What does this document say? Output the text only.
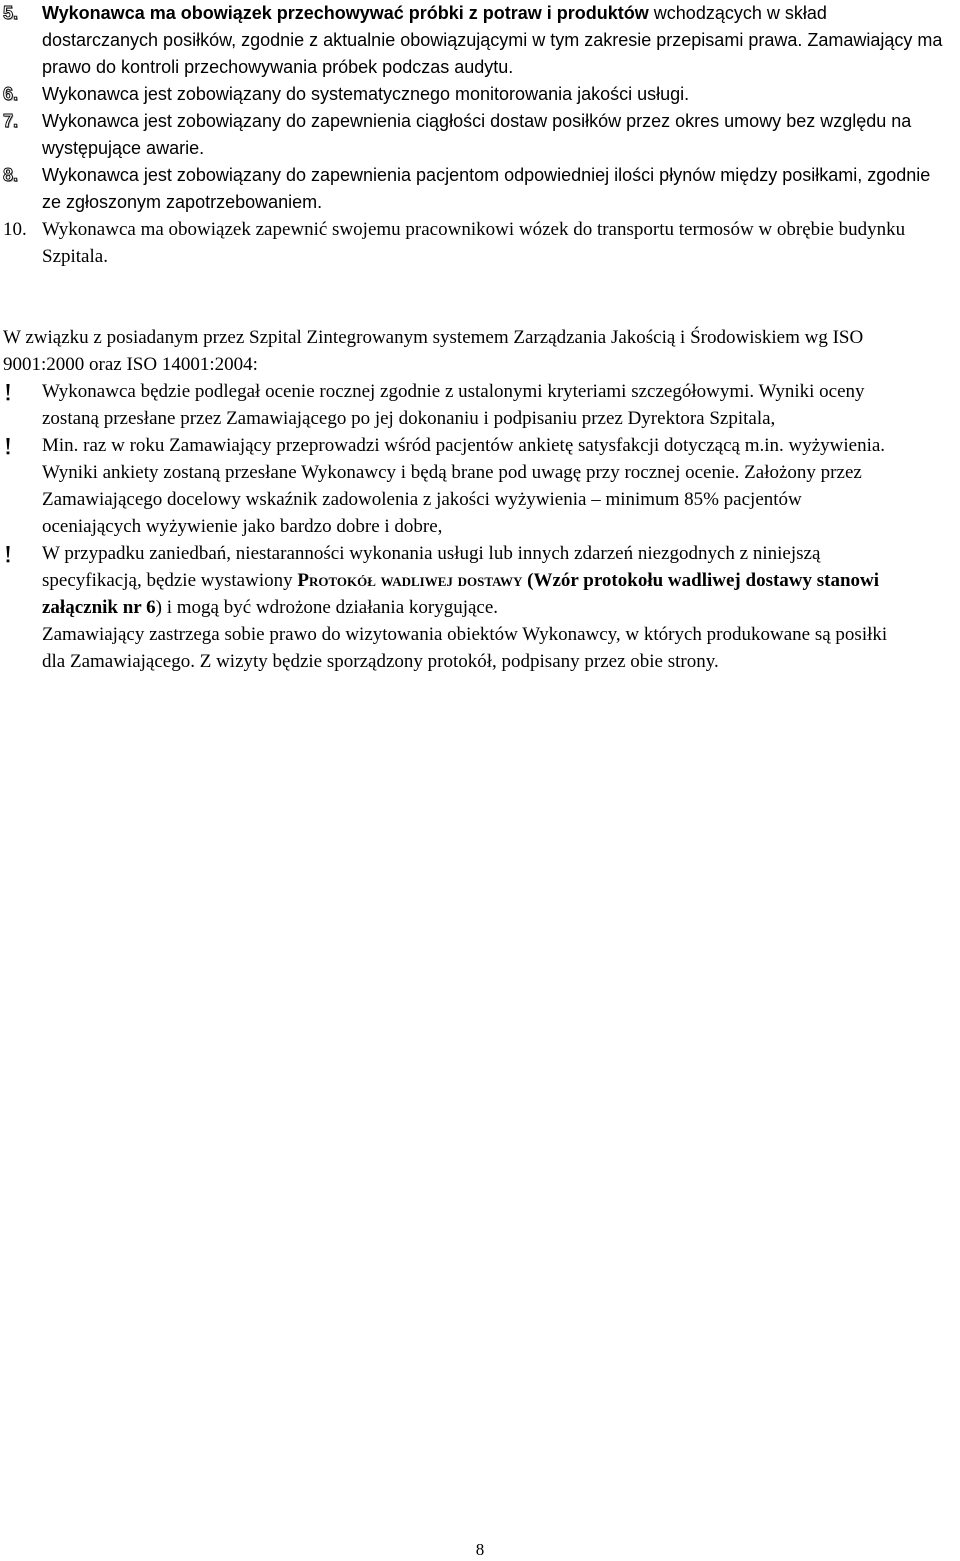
5.	Wykonawca ma obowiązek przechowywać próbki z potraw i produktów wchodzących w skład dostarczanych posiłków, zgodnie z aktualnie obowiązującymi w tym zakresie przepisami prawa. Zamawiający ma prawo do kontroli przechowywania próbek podczas audytu.
6.	Wykonawca jest zobowiązany do systematycznego monitorowania jakości usługi.
7.	Wykonawca jest zobowiązany do zapewnienia ciągłości dostaw posiłków przez okres umowy bez względu na występujące awarie.
8.	Wykonawca jest zobowiązany do zapewnienia pacjentom odpowiedniej ilości płynów między posiłkami, zgodnie ze zgłoszonym zapotrzebowaniem.
10. Wykonawca ma obowiązek zapewnić swojemu pracownikowi wózek do transportu termosów w obrębie budynku Szpitala.
W związku z posiadanym przez Szpital Zintegrowanym systemem Zarządzania Jakością i Środowiskiem wg ISO 9001:2000 oraz ISO 14001:2004:
Wykonawca będzie podlegał ocenie rocznej zgodnie z ustalonymi kryteriami szczegółowymi. Wyniki oceny zostaną przesłane przez Zamawiającego po jej dokonaniu i podpisaniu przez Dyrektora Szpitala,
Min. raz w roku Zamawiający przeprowadzi wśród pacjentów ankietę satysfakcji dotyczącą m.in. wyżywienia. Wyniki ankiety zostaną przesłane Wykonawcy i będą brane pod uwagę przy rocznej ocenie. Założony przez Zamawiającego docelowy wskaźnik zadowolenia z jakości wyżywienia – minimum 85% pacjentów oceniających wyżywienie jako bardzo dobre i dobre,
W przypadku zaniedbań, niestaranności wykonania usługi lub innych zdarzeń niezgodnych z niniejszą specyfikacją, będzie wystawiony Protokół wadliwej dostawy (Wzór protokołu wadliwej dostawy stanowi załącznik nr 6) i mogą być wdrożone działania korygujące.
Zamawiający zastrzega sobie prawo do wizytowania obiektów Wykonawcy, w których produkowane są posiłki dla Zamawiającego. Z wizyty będzie sporządzony protokół, podpisany przez obie strony.
8
